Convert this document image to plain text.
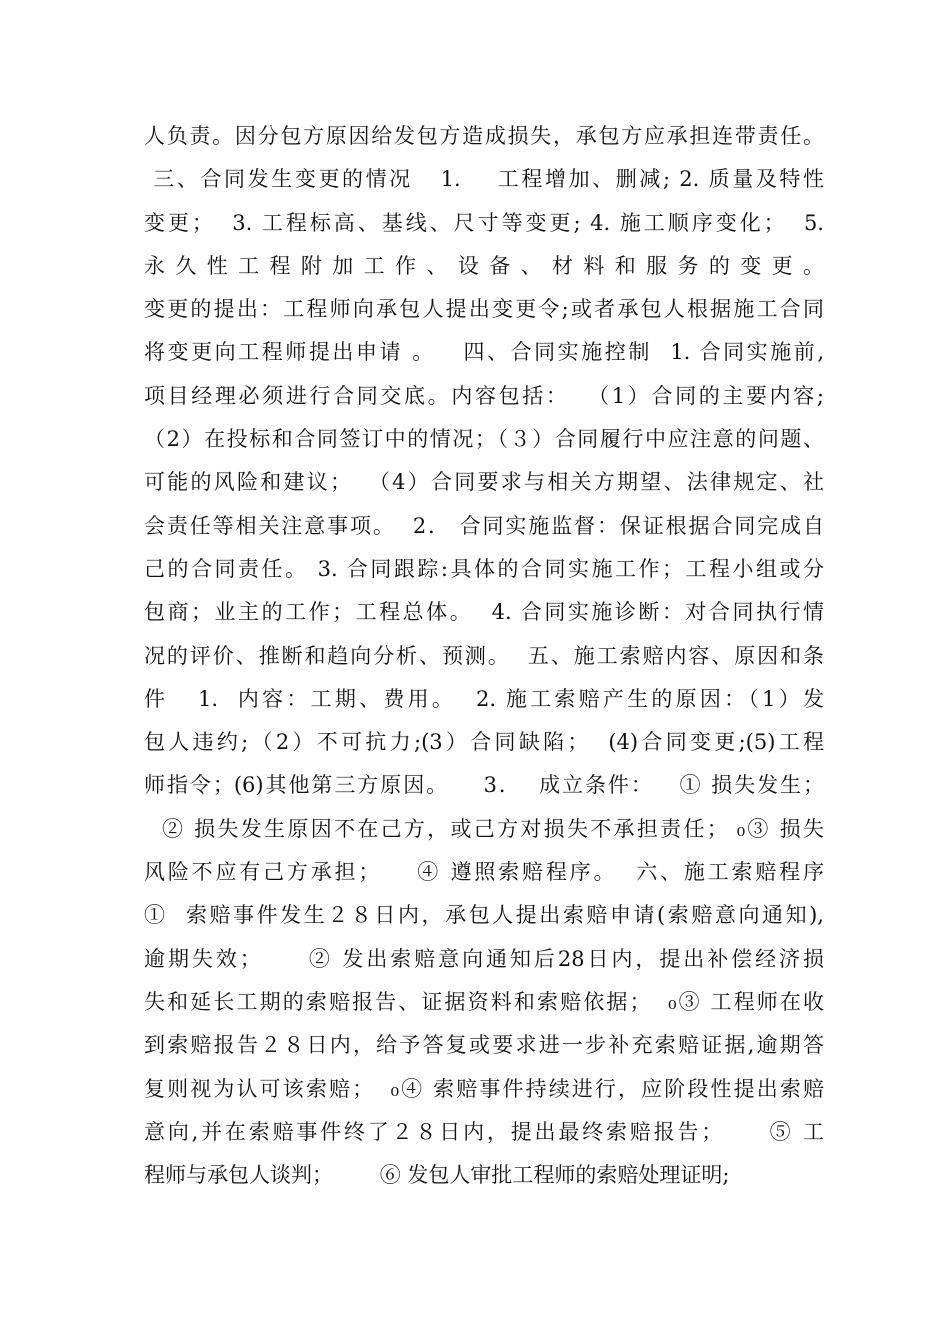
人负责。因分包方原因给发包方造成损失，承包方应承担连带责任。
三、合同发生变更的情况   1.    工程增加、删减; 2. 质量及特性
变更；  3. 工程标高、基线、尺寸等变更; 4. 施工顺序变化；  5.
永久性工程附加工作、设备、材料和服务的变更。
变更的提出：工程师向承包人提出变更令;或者承包人根据施工合同
将变更向工程师提出申请 。   四、合同实施控制  1. 合同实施前,
项目经理必须进行合同交底。内容包括：  （1）合同的主要内容;
（2）在投标和合同签订中的情况；（３）合同履行中应注意的问题、
可能的风险和建议；  （4）合同要求与相关方期望、法律规定、社
会责任等相关注意事项。  2． 合同实施监督：保证根据合同完成自
己的合同责任。 3. 合同跟踪:具体的合同实施工作；工程小组或分
包商；业主的工作；工程总体。  4. 合同实施诊断：对合同执行情
况的评价、推断和趋向分析、预测。  五、施工索赔内容、原因和条
件   1.  内容：工期、费用。  2. 施工索赔产生的原因：（1）发
包人违约;（2）不可抗力;(3）合同缺陷；  (4)合同变更;(5)工程
师指令；(6)其他第三方原因。    3．  成立条件：   ① 损失发生；
② 损失发生原因不在己方，或己方对损失不承担责任； ₀③ 损失
风险不应有己方承担；    ④ 遵照索赔程序。  六、施工索赔程序
①  索赔事件发生２８日内，承包人提出索赔申请(索赔意向通知),
逾期失效；     ② 发出索赔意向通知后28日内，提出补偿经济损
失和延长工期的索赔报告、证据资料和索赔依据；  ₀③ 工程师在收
到索赔报告２８日内，给予答复或要求进一步补充索赔证据,逾期答
复则视为认可该索赔；  ₀④ 索赔事件持续进行，应阶段性提出索赔
意向,并在索赔事件终了２８日内，提出最终索赔报告；     ⑤ 工
程师与承包人谈判；       ⑥ 发包人审批工程师的索赔处理证明;
